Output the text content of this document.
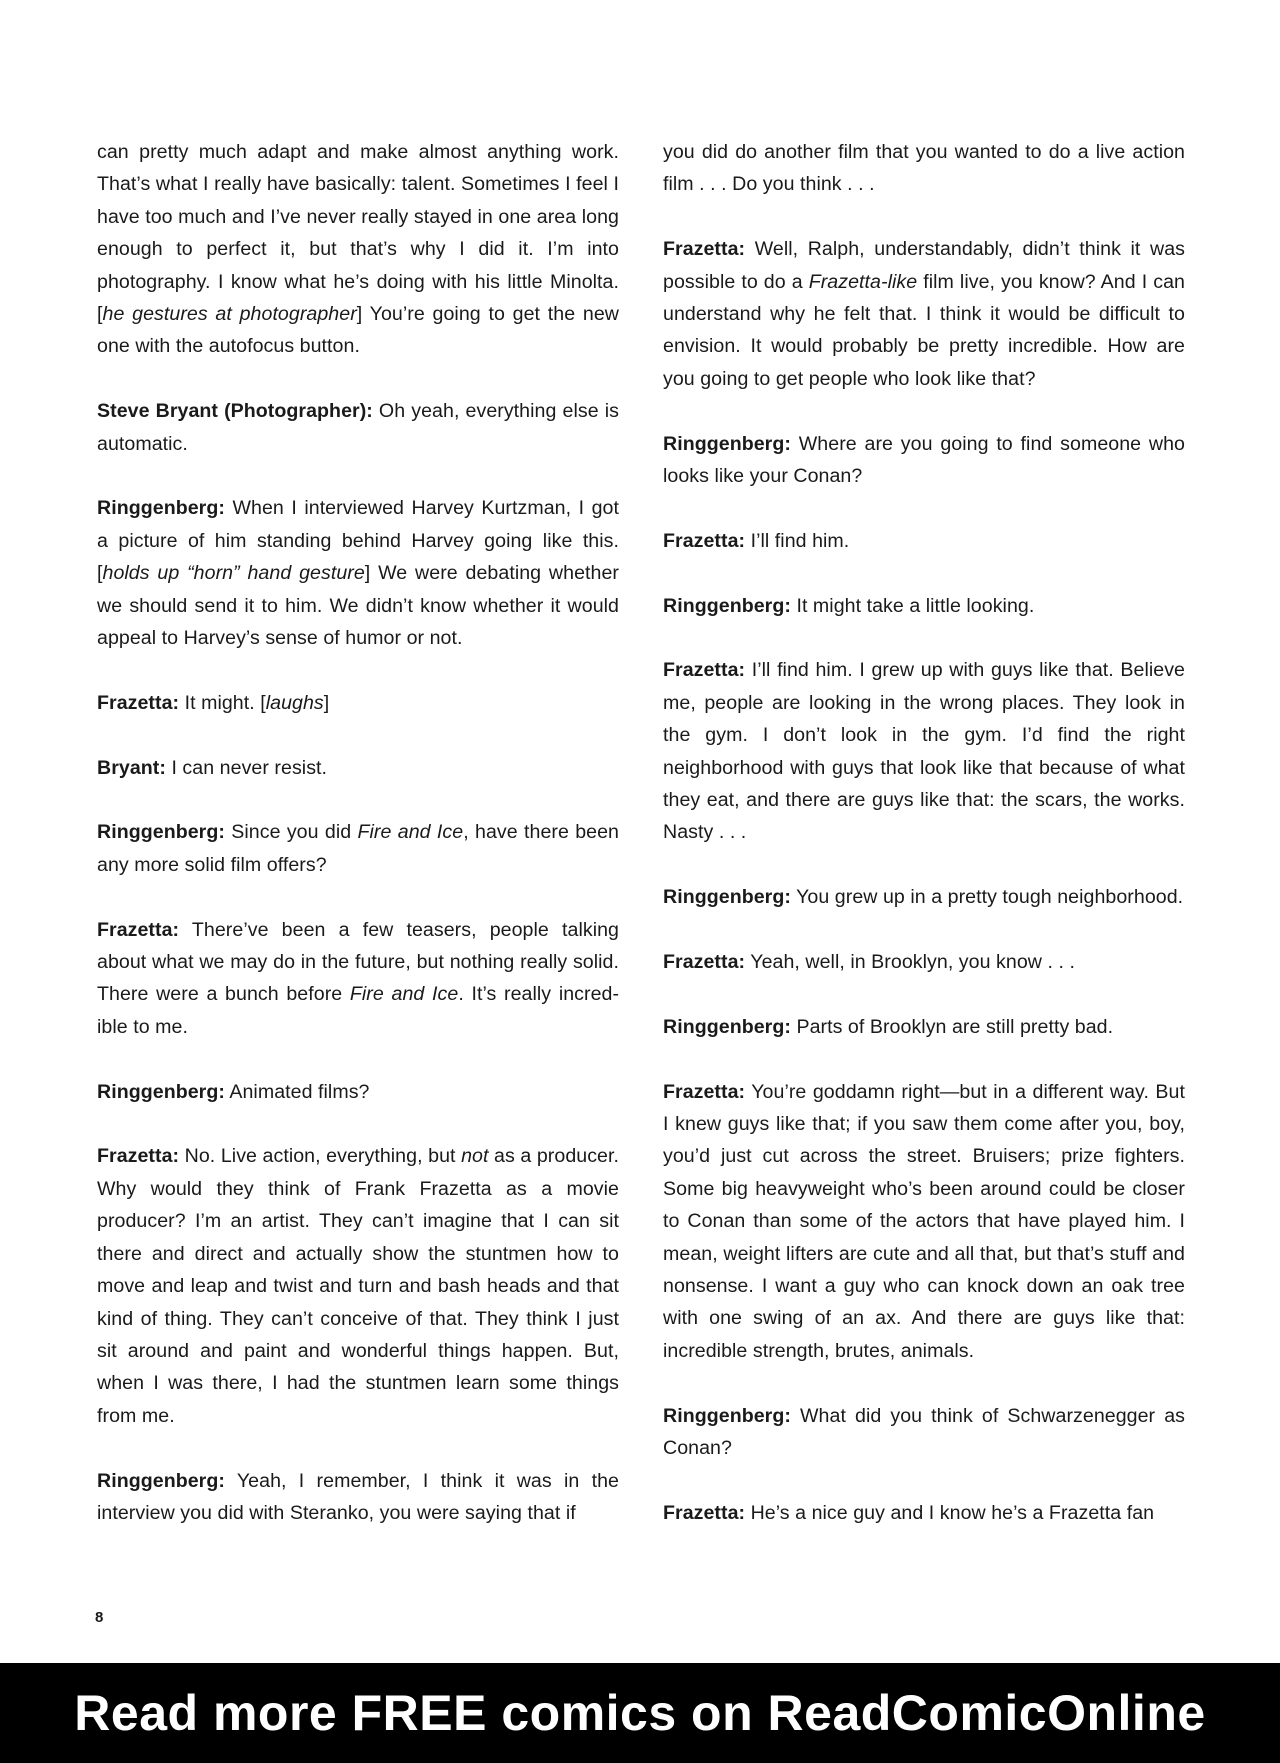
can pretty much adapt and make almost anything work. That’s what I really have basically: talent. Sometimes I feel I have too much and I’ve never really stayed in one area long enough to perfect it, but that’s why I did it. I’m into photography. I know what he’s doing with his little Minolta. [he gestures at photographer] You’re going to get the new one with the autofocus button.

Steve Bryant (Photographer): Oh yeah, everything else is automatic.

Ringgenberg: When I interviewed Harvey Kurtzman, I got a picture of him standing behind Harvey going like this. [holds up “horn” hand gesture] We were debating whether we should send it to him. We didn’t know whether it would appeal to Harvey’s sense of humor or not.

Frazetta: It might. [laughs]

Bryant: I can never resist.

Ringgenberg: Since you did Fire and Ice, have there been any more solid film offers?

Frazetta: There’ve been a few teasers, people talking about what we may do in the future, but nothing really solid. There were a bunch before Fire and Ice. It’s really incredible to me.

Ringgenberg: Animated films?

Frazetta: No. Live action, everything, but not as a producer. Why would they think of Frank Frazetta as a movie producer? I’m an artist. They can’t imagine that I can sit there and direct and actually show the stuntmen how to move and leap and twist and turn and bash heads and that kind of thing. They can’t conceive of that. They think I just sit around and paint and wonderful things happen. But, when I was there, I had the stuntmen learn some things from me.

Ringgenberg: Yeah, I remember, I think it was in the interview you did with Steranko, you were saying that if

you did do another film that you wanted to do a live action film . . . Do you think . . .

Frazetta: Well, Ralph, understandably, didn’t think it was possible to do a Frazetta-like film live, you know? And I can understand why he felt that. I think it would be difficult to envision. It would probably be pretty incredible. How are you going to get people who look like that?

Ringgenberg: Where are you going to find someone who looks like your Conan?

Frazetta: I’ll find him.

Ringgenberg: It might take a little looking.

Frazetta: I’ll find him. I grew up with guys like that. Believe me, people are looking in the wrong places. They look in the gym. I don’t look in the gym. I’d find the right neighborhood with guys that look like that because of what they eat, and there are guys like that: the scars, the works. Nasty . . .

Ringgenberg: You grew up in a pretty tough neighborhood.

Frazetta: Yeah, well, in Brooklyn, you know . . .

Ringgenberg: Parts of Brooklyn are still pretty bad.

Frazetta: You’re goddamn right—but in a different way. But I knew guys like that; if you saw them come after you, boy, you’d just cut across the street. Bruisers; prize fighters. Some big heavyweight who’s been around could be closer to Conan than some of the actors that have played him. I mean, weight lifters are cute and all that, but that’s stuff and nonsense. I want a guy who can knock down an oak tree with one swing of an ax. And there are guys like that: incredible strength, brutes, animals.

Ringgenberg: What did you think of Schwarzenegger as Conan?

Frazetta: He’s a nice guy and I know he’s a Frazetta fan

8
Read more FREE comics on ReadComicOnline
